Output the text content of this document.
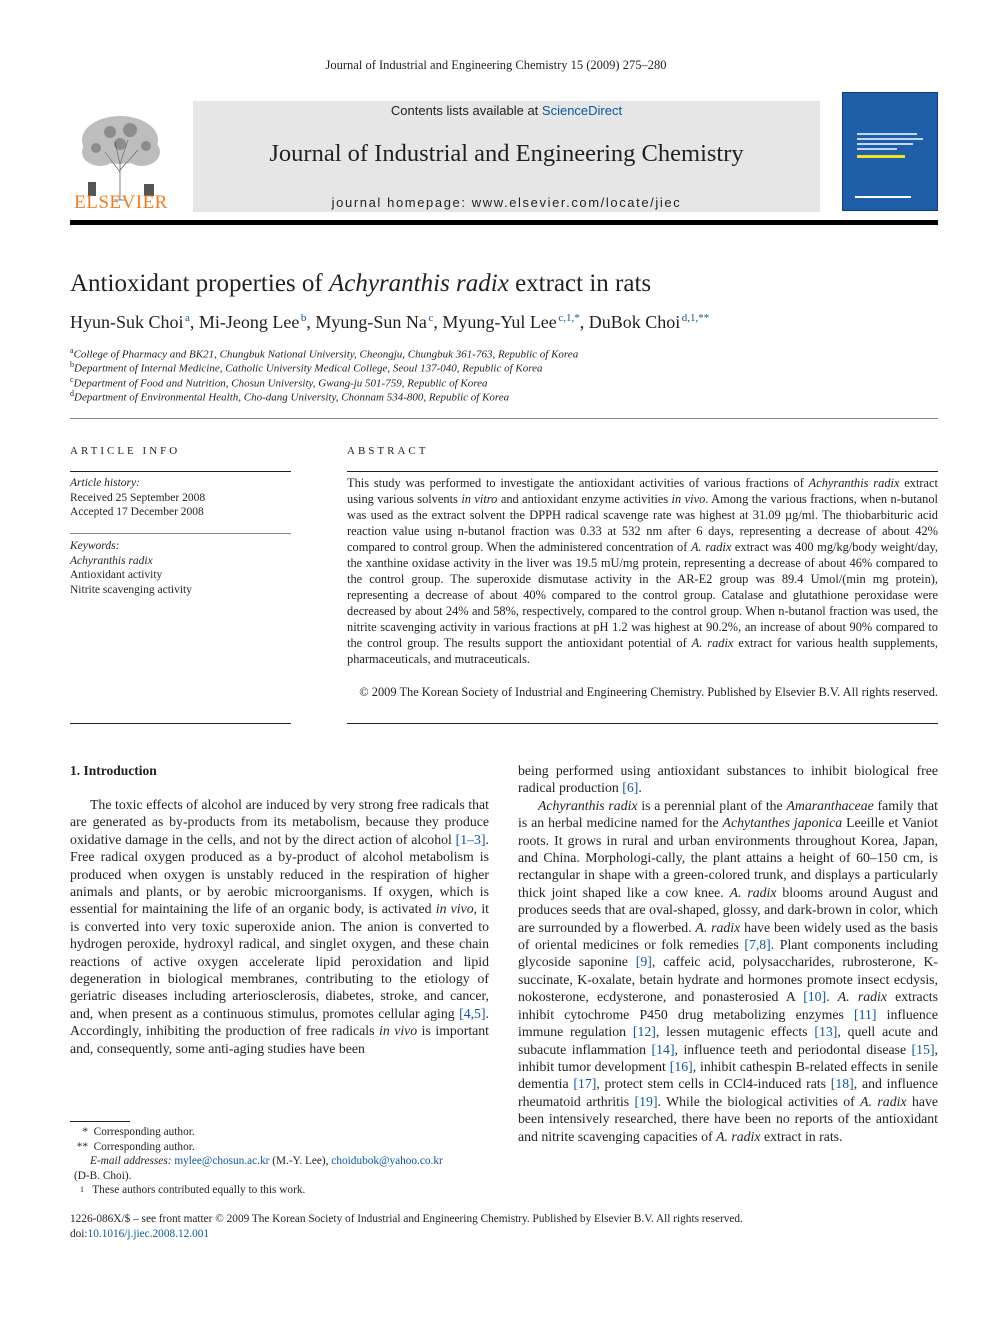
Journal of Industrial and Engineering Chemistry 15 (2009) 275–280
ELSEVIER
Contents lists available at ScienceDirect
Journal of Industrial and Engineering Chemistry
journal homepage: www.elsevier.com/locate/jiec
Antioxidant properties of Achyranthis radix extract in rats
Hyun-Suk Choi  $^a$, Mi-Jeong Lee  $^b$, Myung-Sun Na  $^c$, Myung-Yul Lee  $^{c,1,*}$, DuBok Choi  $^{d,1,**}$
$^a$College of Pharmacy and BK21, Chungbuk National University, Cheongju, Chungbuk 361-763, Republic of Korea
$^b$Department of Internal Medicine, Catholic University Medical College, Seoul 137-040, Republic of Korea
$^c$Department of Food and Nutrition, Chosun University, Gwang-ju 501-759, Republic of Korea
$^d$Department of Environmental Health, Cho-dang University, Chonnam 534-800, Republic of Korea
ARTICLE INFO
Article history:
Received 25 September 2008
Accepted 17 December 2008
Keywords:
Achyranthis radix
Antioxidant activity
Nitrite scavenging activity
ABSTRACT

This study was performed to investigate the antioxidant activities of various fractions of Achyranthis radix extract using various solvents in vitro and antioxidant enzyme activities in vivo. Among the various fractions, when n-butanol was used as the extract solvent the DPPH radical scavenge rate was highest at 31.09 µg/ml. The thiobarbituric acid reaction value using n-butanol fraction was 0.33 at 532 nm after 6 days, representing a decrease of about 42% compared to control group. When the administered concentration of A. radix extract was 400 mg/kg/body weight/day, the xanthine oxidase activity in the liver was 19.5 mU/mg protein, representing a decrease of about 46% compared to the control group. The superoxide dismutase activity in the AR-E2 group was 89.4 Umol/(min mg protein), representing a decrease of about 40% compared to the control group. Catalase and glutathione peroxidase were decreased by about 24% and 58%, respectively, compared to the control group. When n-butanol fraction was used, the nitrite scavenging activity in various fractions at pH 1.2 was highest at 90.2%, an increase of about 90% compared to the control group. The results support the antioxidant potential of A. radix extract for various health supplements, pharmaceuticals, and mutraceuticals.

© 2009 The Korean Society of Industrial and Engineering Chemistry. Published by Elsevier B.V. All rights reserved.
1. Introduction

The toxic effects of alcohol are induced by very strong free radicals that are generated as by-products from its metabolism, because they produce oxidative damage in the cells, and not by the direct action of alcohol [1–3]. Free radical oxygen produced as a by-product of alcohol metabolism is produced when oxygen is unstably reduced in the respiration of higher animals and plants, or by aerobic microorganisms. If oxygen, which is essential for maintaining the life of an organic body, is activated in vivo, it is converted into very toxic superoxide anion. The anion is converted to hydrogen peroxide, hydroxyl radical, and singlet oxygen, and these chain reactions of active oxygen accelerate lipid peroxidation and lipid degeneration in biological membranes, contributing to the etiology of geriatric diseases including arteriosclerosis, diabetes, stroke, and cancer, and, when present as a continuous stimulus, promotes cellular aging [4,5]. Accordingly, inhibiting the production of free radicals in vivo is important and, consequently, some anti-aging studies have been

being performed using antioxidant substances to inhibit biological free radical production [6].

Achyranthis radix is a perennial plant of the Amaranthaceae family that is an herbal medicine named for the Achytanthes japonica Leeille et Vaniot roots. It grows in rural and urban environments throughout Korea, Japan, and China. Morphologi-cally, the plant attains a height of 60–150 cm, is rectangular in shape with a green-colored trunk, and displays a particularly thick joint shaped like a cow knee. A. radix blooms around August and produces seeds that are oval-shaped, glossy, and dark-brown in color, which are surrounded by a flowerbed. A. radix have been widely used as the basis of oriental medicines or folk remedies [7,8]. Plant components including glycoside saponine [9], caffeic acid, polysaccharides, rubrosterone, K-succinate, K-oxalate, betain hydrate and hormones promote insect ecdysis, nokosterone, ecdysterone, and ponasterosied A [10]. A. radix extracts inhibit cytochrome P450 drug metabolizing enzymes [11] influence immune regulation [12], lessen mutagenic effects [13], quell acute and subacute inflammation [14], influence teeth and periodontal disease [15], inhibit tumor development [16], inhibit cathespin B-related effects in senile dementia [17], protect stem cells in CCl4-induced rats [18], and influence rheumatoid arthritis [19]. While the biological activities of A. radix have been intensively researched, there have been no reports of the antioxidant and nitrite scavenging capacities of A. radix extract in rats.

* Corresponding author.
** Corresponding author.
E-mail addresses: mylee@chosun.ac.kr (M.-Y. Lee), choidubok@yahoo.co.kr
(D-B. Choi).
1 These authors contributed equally to this work.
1226-086X/$ – see front matter © 2009 The Korean Society of Industrial and Engineering Chemistry. Published by Elsevier B.V. All rights reserved.
doi:10.1016/j.jiec.2008.12.001
